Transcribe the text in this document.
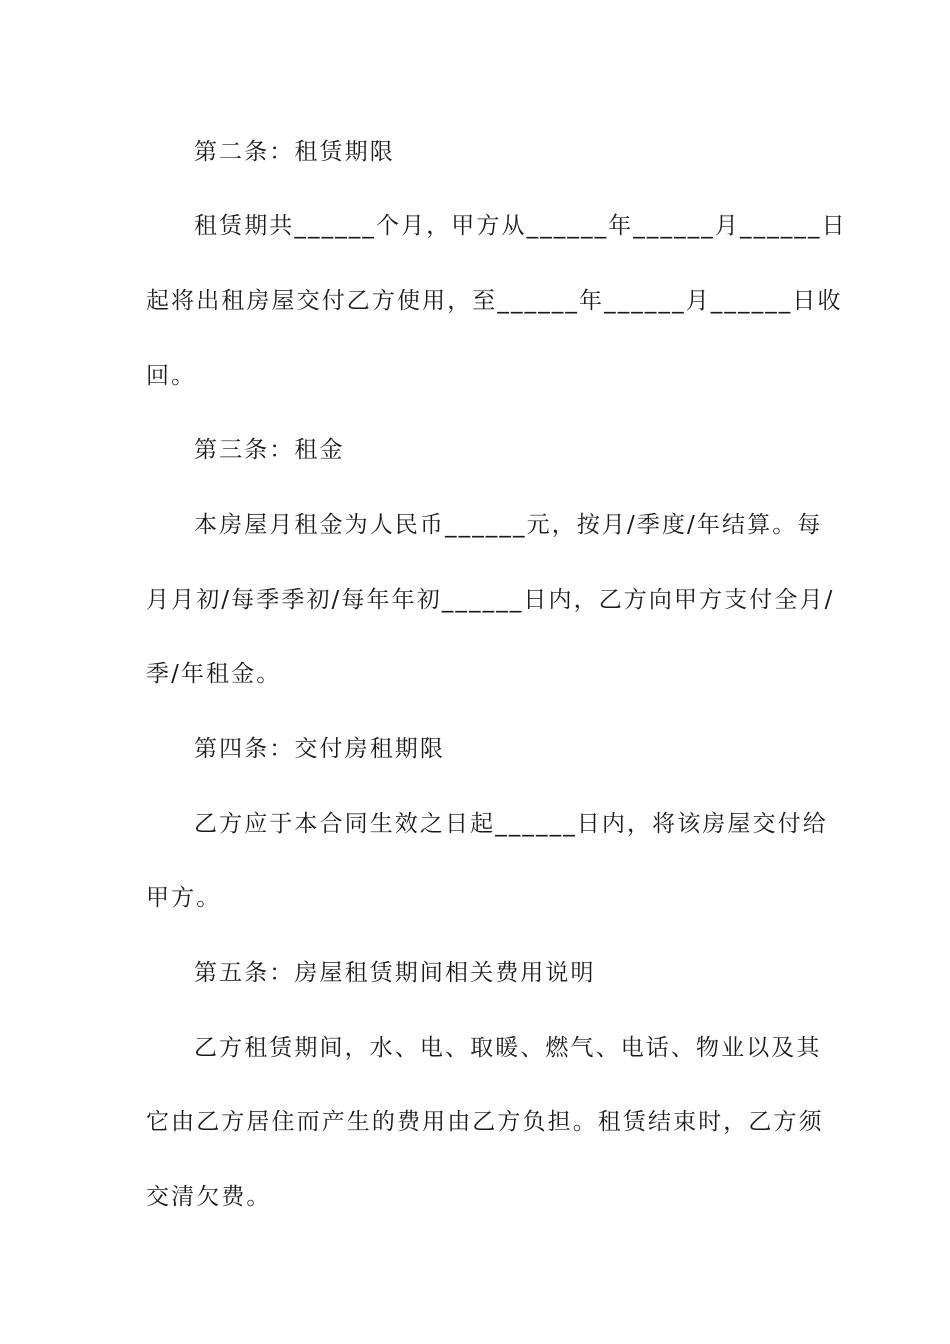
第二条：租赁期限
租赁期共______个月，甲方从______年______月______日
起将出租房屋交付乙方使用，至______年______月______日收
回。
第三条：租金
本房屋月租金为人民币______元，按月/季度/年结算。每
月月初/每季季初/每年年初______日内，乙方向甲方支付全月/
季/年租金。
第四条：交付房租期限
乙方应于本合同生效之日起______日内，将该房屋交付给
甲方。
第五条：房屋租赁期间相关费用说明
乙方租赁期间，水、电、取暖、燃气、电话、物业以及其
它由乙方居住而产生的费用由乙方负担。租赁结束时，乙方须
交清欠费。
